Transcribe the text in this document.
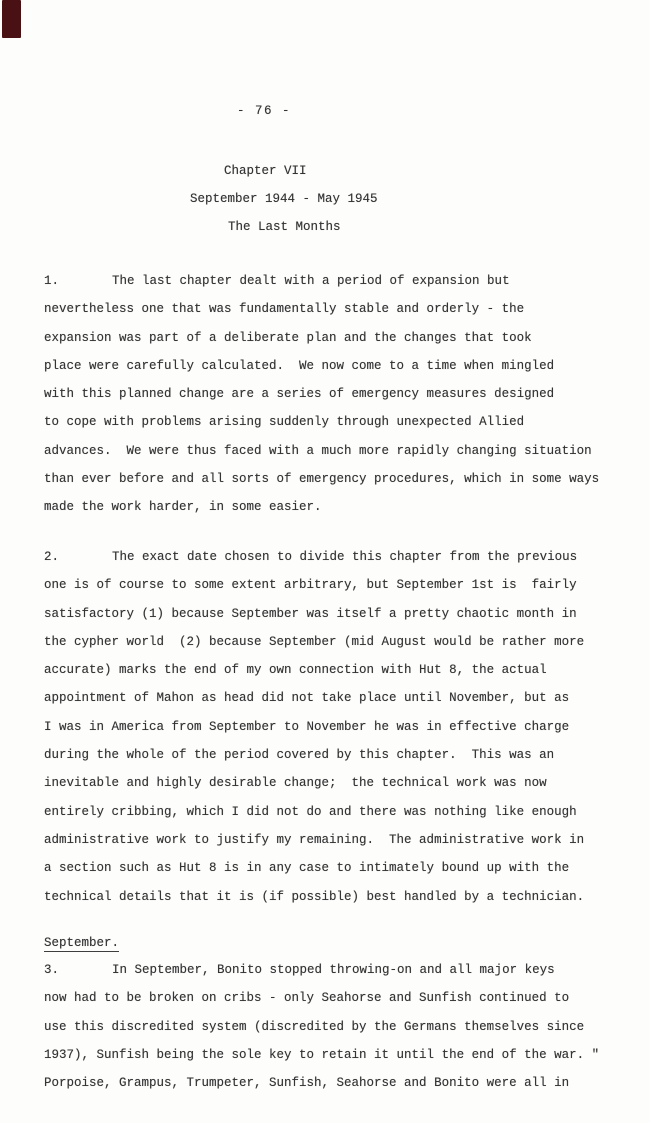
- 76 -
Chapter VII
September 1944 - May 1945
The Last Months
1.	The last chapter dealt with a period of expansion but
nevertheless one that was fundamentally stable and orderly - the
expansion was part of a deliberate plan and the changes that took
place were carefully calculated.  We now come to a time when mingled
with this planned change are a series of emergency measures designed
to cope with problems arising suddenly through unexpected Allied
advances.  We were thus faced with a much more rapidly changing situation
than ever before and all sorts of emergency procedures, which in some ways
made the work harder, in some easier.
2.	The exact date chosen to divide this chapter from the previous
one is of course to some extent arbitrary, but September 1st is  fairly
satisfactory (1) because September was itself a pretty chaotic month in
the cypher world  (2) because September (mid August would be rather more
accurate) marks the end of my own connection with Hut 8, the actual
appointment of Mahon as head did not take place until November, but as
I was in America from September to November he was in effective charge
during the whole of the period covered by this chapter.  This was an
inevitable and highly desirable change;  the technical work was now
entirely cribbing, which I did not do and there was nothing like enough
administrative work to justify my remaining.  The administrative work in
a section such as Hut 8 is in any case to intimately bound up with the
technical details that it is (if possible) best handled by a technician.
September.
3.	In September, Bonito stopped throwing-on and all major keys
now had to be broken on cribs - only Seahorse and Sunfish continued to
use this discredited system (discredited by the Germans themselves since
1937), Sunfish being the sole key to retain it until the end of the war. "
Porpoise, Grampus, Trumpeter, Sunfish, Seahorse and Bonito were all in
